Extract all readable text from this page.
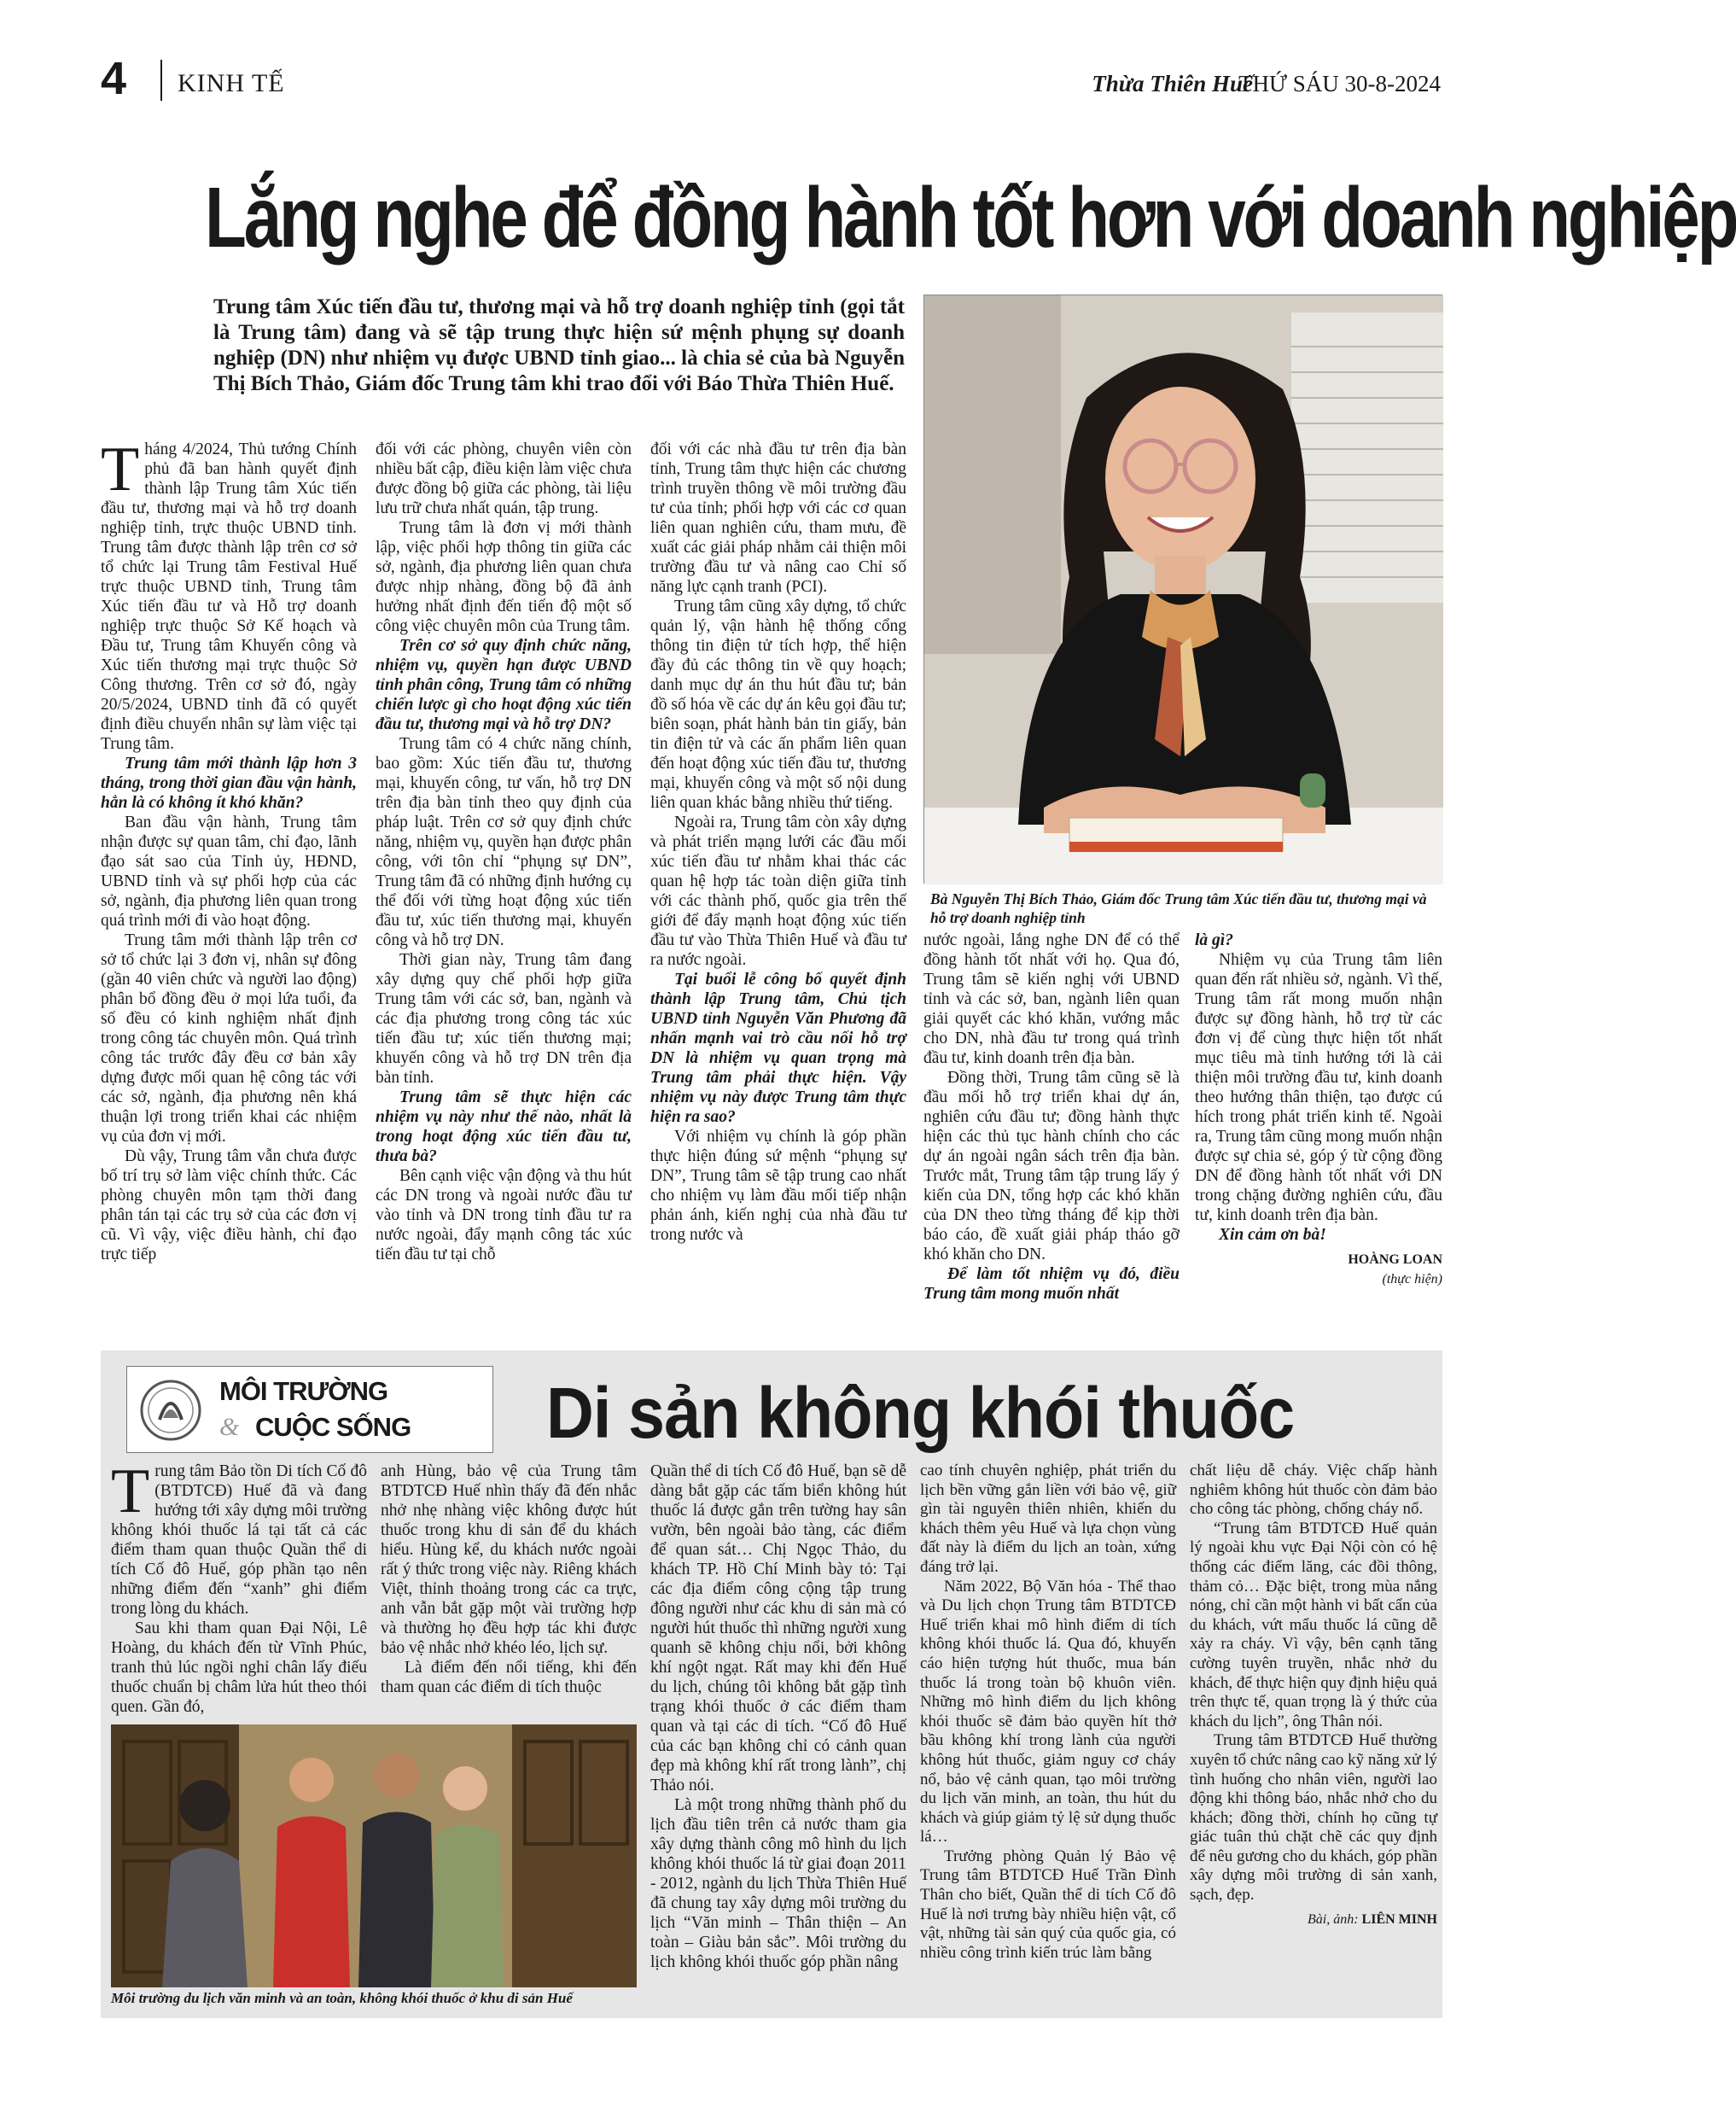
4 KINH TẾ	Thừa Thiên Huế
THỨ SÁU 30-8-2024
Lắng nghe để đồng hành tốt hơn với doanh nghiệp
Trung tâm Xúc tiến đầu tư, thương mại và hỗ trợ doanh nghiệp tỉnh (gọi tắt là Trung tâm) đang và sẽ tập trung thực hiện sứ mệnh phụng sự doanh nghiệp (DN) như nhiệm vụ được UBND tỉnh giao... là chia sẻ của bà Nguyễn Thị Bích Thảo, Giám đốc Trung tâm khi trao đổi với Báo Thừa Thiên Huế.
Bà Nguyễn Thị Bích Thảo, Giám đốc Trung tâm Xúc tiến đầu tư, thương mại và hỗ trợ doanh nghiệp tỉnh

Tháng 4/2024, Thủ tướng Chính phủ đã ban hành quyết định thành lập Trung tâm Xúc tiến đầu tư, thương mại và hỗ trợ doanh nghiệp tỉnh, trực thuộc UBND tỉnh. Trung tâm được thành lập trên cơ sở tổ chức lại Trung tâm Festival Huế trực thuộc UBND tỉnh, Trung tâm Xúc tiến đầu tư và Hỗ trợ doanh nghiệp trực thuộc Sở Kế hoạch và Đầu tư, Trung tâm Khuyến công và Xúc tiến thương mại trực thuộc Sở Công thương. Trên cơ sở đó, ngày 20/5/2024, UBND tỉnh đã có quyết định điều chuyển nhân sự làm việc tại Trung tâm.

Trung tâm mới thành lập hơn 3 tháng, trong thời gian đầu vận hành, hẳn là có không ít khó khăn?

Ban đầu vận hành, Trung tâm nhận được sự quan tâm, chỉ đạo, lãnh đạo sát sao của Tỉnh ủy, HĐND, UBND tỉnh và sự phối hợp của các sở, ngành, địa phương liên quan trong quá trình mới đi vào hoạt động.

Trung tâm mới thành lập trên cơ sở tổ chức lại 3 đơn vị, nhân sự đông (gần 40 viên chức và người lao động) phân bổ đồng đều ở mọi lứa tuổi, đa số đều có kinh nghiệm nhất định trong công tác chuyên môn. Quá trình công tác trước đây đều cơ bản xây dựng được mối quan hệ công tác với các sở, ngành, địa phương nên khá thuận lợi trong triển khai các nhiệm vụ của đơn vị mới.

Dù vậy, Trung tâm vẫn chưa được bố trí trụ sở làm việc chính thức. Các phòng chuyên môn tạm thời đang phân tán tại các trụ sở của các đơn vị cũ. Vì vậy, việc điều hành, chỉ đạo trực tiếp

đối với các phòng, chuyên viên còn nhiều bất cập, điều kiện làm việc chưa được đồng bộ giữa các phòng, tài liệu lưu trữ chưa nhất quán, tập trung.

Trung tâm là đơn vị mới thành lập, việc phối hợp thông tin giữa các sở, ngành, địa phương liên quan chưa được nhịp nhàng, đồng bộ đã ảnh hưởng nhất định đến tiến độ một số công việc chuyên môn của Trung tâm.

Trên cơ sở quy định chức năng, nhiệm vụ, quyền hạn được UBND tỉnh phân công, Trung tâm có những chiến lược gì cho hoạt động xúc tiến đầu tư, thương mại và hỗ trợ DN?

Trung tâm có 4 chức năng chính, bao gồm: Xúc tiến đầu tư, thương mại, khuyến công, tư vấn, hỗ trợ DN trên địa bàn tỉnh theo quy định của pháp luật. Trên cơ sở quy định chức năng, nhiệm vụ, quyền hạn được phân công, với tôn chỉ “phụng sự DN”, Trung tâm đã có những định hướng cụ thể đối với từng hoạt động xúc tiến đầu tư, xúc tiến thương mại, khuyến công và hỗ trợ DN.

Thời gian này, Trung tâm đang xây dựng quy chế phối hợp giữa Trung tâm với các sở, ban, ngành và các địa phương trong công tác xúc tiến đầu tư; xúc tiến thương mại; khuyến công và hỗ trợ DN trên địa bàn tỉnh.

Trung tâm sẽ thực hiện các nhiệm vụ này như thế nào, nhất là trong hoạt động xúc tiến đầu tư, thưa bà?

Bên cạnh việc vận động và thu hút các DN trong và ngoài nước đầu tư vào tỉnh và DN trong tỉnh đầu tư ra nước ngoài, đẩy mạnh công tác xúc tiến đầu tư tại chỗ

đối với các nhà đầu tư trên địa bàn tỉnh, Trung tâm thực hiện các chương trình truyền thông về môi trường đầu tư của tỉnh; phối hợp với các cơ quan liên quan nghiên cứu, tham mưu, đề xuất các giải pháp nhằm cải thiện môi trường đầu tư và nâng cao Chỉ số năng lực cạnh tranh (PCI).

Trung tâm cũng xây dựng, tổ chức quản lý, vận hành hệ thống cổng thông tin điện tử tích hợp, thể hiện đầy đủ các thông tin về quy hoạch; danh mục dự án thu hút đầu tư; bản đồ số hóa về các dự án kêu gọi đầu tư; biên soạn, phát hành bản tin giấy, bản tin điện tử và các ấn phẩm liên quan đến hoạt động xúc tiến đầu tư, thương mại, khuyến công và một số nội dung liên quan khác bằng nhiều thứ tiếng.

Ngoài ra, Trung tâm còn xây dựng và phát triển mạng lưới các đầu mối xúc tiến đầu tư nhằm khai thác các quan hệ hợp tác toàn diện giữa tỉnh với các thành phố, quốc gia trên thế giới để đẩy mạnh hoạt động xúc tiến đầu tư vào Thừa Thiên Huế và đầu tư ra nước ngoài.

Tại buổi lễ công bố quyết định thành lập Trung tâm, Chủ tịch UBND tỉnh Nguyễn Văn Phương đã nhấn mạnh vai trò cầu nối hỗ trợ DN là nhiệm vụ quan trọng mà Trung tâm phải thực hiện. Vậy nhiệm vụ này được Trung tâm thực hiện ra sao?

Với nhiệm vụ chính là góp phần thực hiện đúng sứ mệnh “phụng sự DN”, Trung tâm sẽ tập trung cao nhất cho nhiệm vụ làm đầu mối tiếp nhận phản ánh, kiến nghị của nhà đầu tư trong nước và

nước ngoài, lắng nghe DN để có thể đồng hành tốt nhất với họ. Qua đó, Trung tâm sẽ kiến nghị với UBND tỉnh và các sở, ban, ngành liên quan giải quyết các khó khăn, vướng mắc cho DN, nhà đầu tư trong quá trình đầu tư, kinh doanh trên địa bàn.

Đồng thời, Trung tâm cũng sẽ là đầu mối hỗ trợ triển khai dự án, nghiên cứu đầu tư; đồng hành thực hiện các thủ tục hành chính cho các dự án ngoài ngân sách trên địa bàn. Trước mắt, Trung tâm tập trung lấy ý kiến của DN, tổng hợp các khó khăn của DN theo từng tháng để kịp thời báo cáo, đề xuất giải pháp tháo gỡ khó khăn cho DN.

Để làm tốt nhiệm vụ đó, điều Trung tâm mong muốn nhất

là gì?

Nhiệm vụ của Trung tâm liên quan đến rất nhiều sở, ngành. Vì thế, Trung tâm rất mong muốn nhận được sự đồng hành, hỗ trợ từ các đơn vị để cùng thực hiện tốt nhất mục tiêu mà tỉnh hướng tới là cải thiện môi trường đầu tư, kinh doanh theo hướng thân thiện, tạo được cú hích trong phát triển kinh tế. Ngoài ra, Trung tâm cũng mong muốn nhận được sự chia sẻ, góp ý từ cộng đồng DN để đồng hành tốt nhất với DN trong chặng đường nghiên cứu, đầu tư, kinh doanh trên địa bàn.

Xin cảm ơn bà!

HOÀNG LOAN

(thực hiện)

MÔI TRƯỜNG
& CUỘC SỐNG Di sản không khói thuốc

Trung tâm Bảo tồn Di tích Cố đô (BTDTCĐ) Huế đã và đang hướng tới xây dựng môi trường không khói thuốc lá tại tất cả các điểm tham quan thuộc Quần thể di tích Cố đô Huế, góp phần tạo nên những điểm đến “xanh” ghi điểm trong lòng du khách.

Sau khi tham quan Đại Nội, Lê Hoàng, du khách đến từ Vĩnh Phúc, tranh thủ lúc ngồi nghỉ chân lấy điếu thuốc chuẩn bị châm lửa hút theo thói quen. Gần đó,

anh Hùng, bảo vệ của Trung tâm BTDTCĐ Huế nhìn thấy đã đến nhắc nhở nhẹ nhàng việc không được hút thuốc trong khu di sản để du khách hiểu. Hùng kể, du khách nước ngoài rất ý thức trong việc này. Riêng khách Việt, thỉnh thoảng trong các ca trực, anh vẫn bắt gặp một vài trường hợp và thường họ đều hợp tác khi được bảo vệ nhắc nhở khéo léo, lịch sự.

Là điểm đến nổi tiếng, khi đến tham quan các điểm di tích thuộc

Quần thể di tích Cố đô Huế, bạn sẽ dễ dàng bắt gặp các tấm biển không hút thuốc lá được gắn trên tường hay sân vườn, bên ngoài bảo tàng, các điểm để quan sát… Chị Ngọc Thảo, du khách TP. Hồ Chí Minh bày tỏ: Tại các địa điểm công cộng tập trung đông người như các khu di sản mà có người hút thuốc thì những người xung quanh sẽ không chịu nổi, bởi không khí ngột ngạt. Rất may khi đến Huế du lịch, chúng tôi không bắt gặp tình trạng khói thuốc ở các điểm tham quan và tại các di tích. “Cố đô Huế của các bạn không chỉ có cảnh quan đẹp mà không khí rất trong lành”, chị Thảo nói.

Là một trong những thành phố du lịch đầu tiên trên cả nước tham gia xây dựng thành công mô hình du lịch không khói thuốc lá từ giai đoạn 2011 - 2012, ngành du lịch Thừa Thiên Huế đã chung tay xây dựng môi trường du lịch “Văn minh – Thân thiện – An toàn – Giàu bản sắc”. Môi trường du lịch không khói thuốc góp phần nâng

cao tính chuyên nghiệp, phát triển du lịch bền vững gắn liền với bảo vệ, giữ gìn tài nguyên thiên nhiên, khiến du khách thêm yêu Huế và lựa chọn vùng đất này là điểm du lịch an toàn, xứng đáng trở lại.

Năm 2022, Bộ Văn hóa - Thể thao và Du lịch chọn Trung tâm BTDTCĐ Huế triển khai mô hình điểm di tích không khói thuốc lá. Qua đó, khuyến cáo hiện tượng hút thuốc, mua bán thuốc lá trong toàn bộ khuôn viên. Những mô hình điểm du lịch không khói thuốc sẽ đảm bảo quyền hít thở bầu không khí trong lành của người không hút thuốc, giảm nguy cơ cháy nổ, bảo vệ cảnh quan, tạo môi trường du lịch văn minh, an toàn, thu hút du khách và giúp giảm tỷ lệ sử dụng thuốc lá…

Trưởng phòng Quản lý Bảo vệ Trung tâm BTDTCĐ Huế Trần Đình Thân cho biết, Quần thể di tích Cố đô Huế là nơi trưng bày nhiều hiện vật, cổ vật, những tài sản quý của quốc gia, có nhiều công trình kiến trúc làm bằng

chất liệu dễ cháy. Việc chấp hành nghiêm không hút thuốc còn đảm bảo cho công tác phòng, chống cháy nổ.

“Trung tâm BTDTCĐ Huế quản lý ngoài khu vực Đại Nội còn có hệ thống các điểm lăng, các đồi thông, thảm cỏ… Đặc biệt, trong mùa nắng nóng, chỉ cần một hành vi bất cẩn của du khách, vứt mẩu thuốc lá cũng dễ xảy ra cháy. Vì vậy, bên cạnh tăng cường tuyên truyền, nhắc nhở du khách, để thực hiện quy định hiệu quả trên thực tế, quan trọng là ý thức của khách du lịch”, ông Thân nói.

Trung tâm BTDTCĐ Huế thường xuyên tổ chức nâng cao kỹ năng xử lý tình huống cho nhân viên, người lao động khi thông báo, nhắc nhở cho du khách; đồng thời, chính họ cũng tự giác tuân thủ chặt chẽ các quy định để nêu gương cho du khách, góp phần xây dựng môi trường di sản xanh, sạch, đẹp.

Bài, ảnh: LIÊN MINH

Môi trường du lịch văn minh và an toàn, không khói thuốc ở khu di sản Huế
